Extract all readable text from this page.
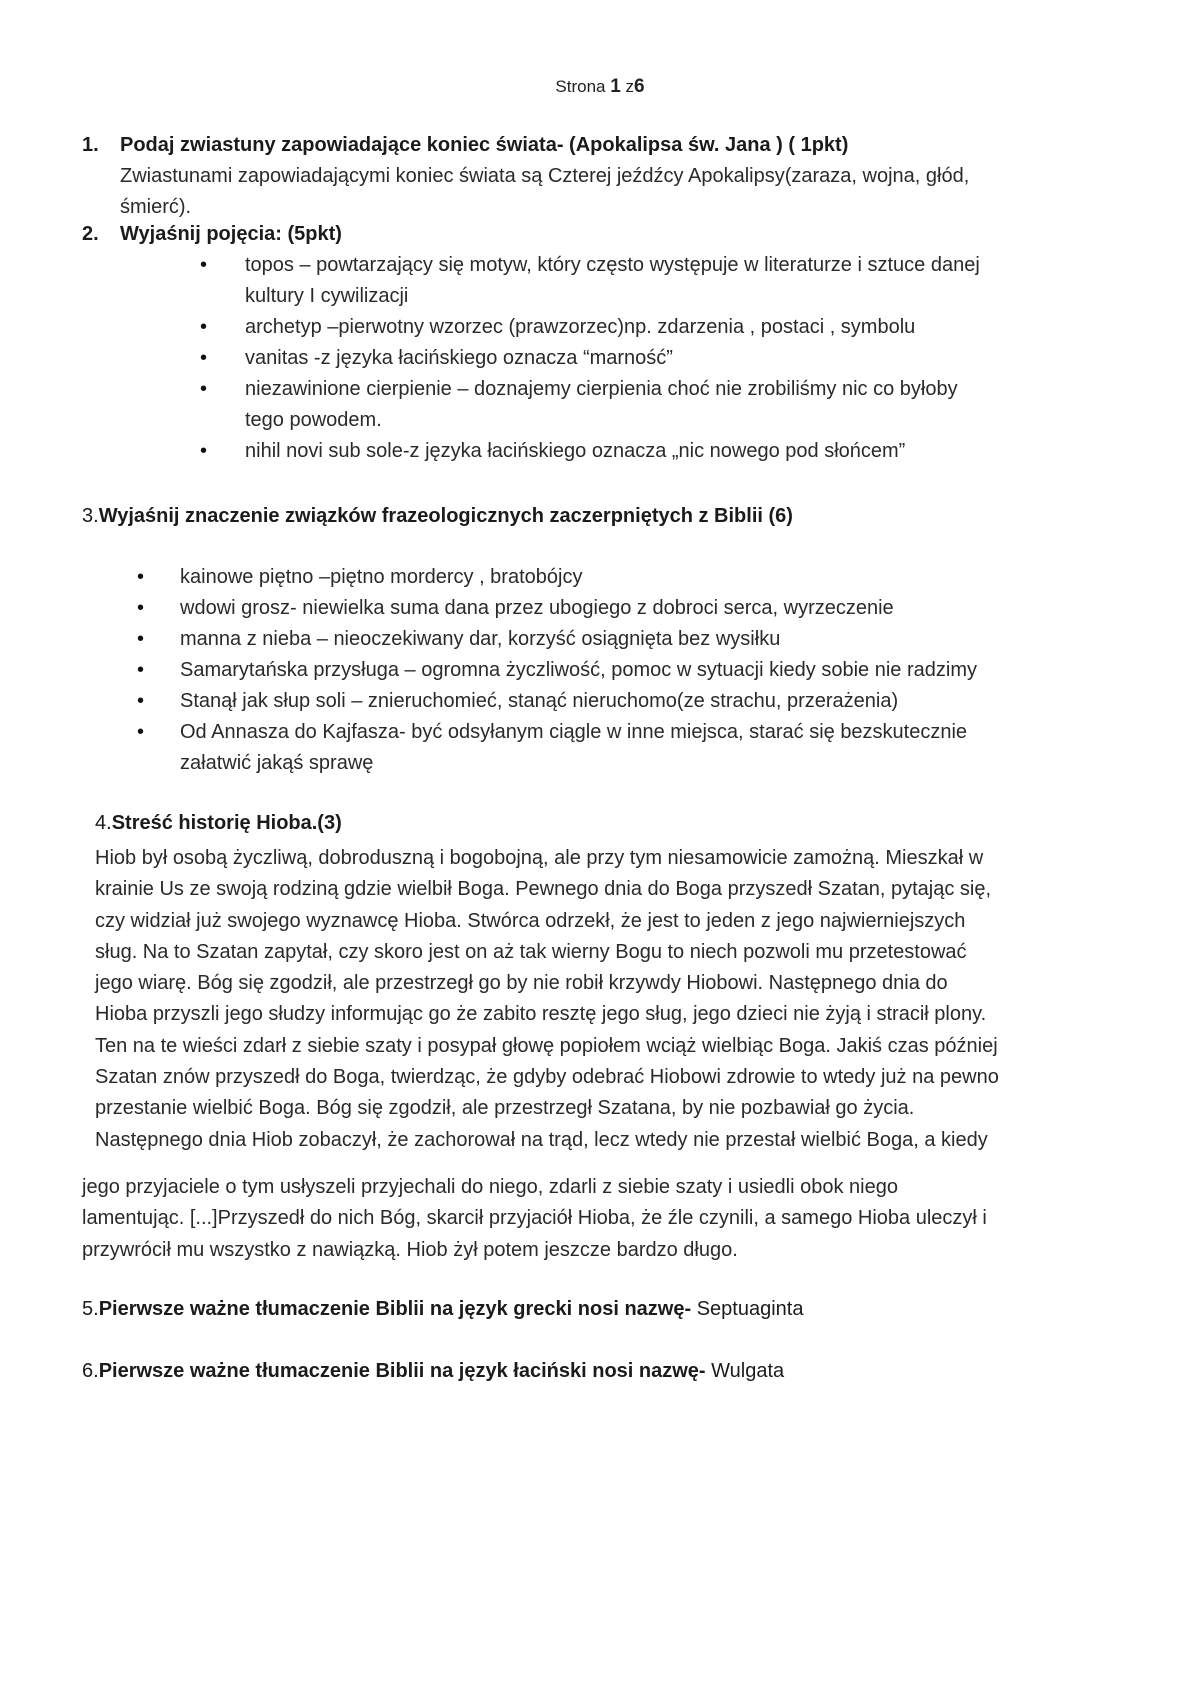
Strona 1 z6
1. Podaj zwiastuny zapowiadające koniec świata- (Apokalipsa św. Jana ) ( 1pkt)
Zwiastunami zapowiadającymi koniec świata są Czterej jeźdźcy Apokalipsy(zaraza, wojna, głód,
śmierć).
2. Wyjaśnij pojęcia: (5pkt)
• topos – powtarzający się motyw, który często występuje w literaturze i sztuce danej
kultury I cywilizacji
• archetyp –pierwotny wzorzec (prawzorzec)np. zdarzenia , postaci , symbolu
• vanitas -z języka łacińskiego oznacza “marność”
• niezawinione cierpienie – doznajemy cierpienia choć nie zrobiliśmy nic co byłoby
tego powodem.
• nihil novi sub sole-z języka łacińskiego oznacza „nic nowego pod słońcem”
3.Wyjaśnij znaczenie związków frazeologicznych zaczerpniętych z Biblii (6)
• kainowe piętno –piętno mordercy , bratobójcy
• wdowi grosz- niewielka suma dana przez ubogiego z dobroci serca, wyrzeczenie
• manna z nieba – nieoczekiwany dar, korzyść osiągnięta bez wysiłku
• Samarytańska przysługa – ogromna życzliwość, pomoc w sytuacji kiedy sobie nie radzimy
• Stanął jak słup soli – znieruchomieć, stanąć nieruchomo(ze strachu, przerażenia)
• Od Annasza do Kajfasza- być odsyłanym ciągle w inne miejsca, starać się bezskutecznie
załatwić jakąś sprawę
4.Streść historię Hioba.(3)
Hiob był osobą życzliwą, dobroduszną i bogobojną, ale przy tym niesamowicie zamożną. Mieszkał w
krainie Us ze swoją rodziną gdzie wielbił Boga. Pewnego dnia do Boga przyszedł Szatan, pytając się,
czy widział już swojego wyznawcę Hioba. Stwórca odrzekł, że jest to jeden z jego najwierniejszych
sług. Na to Szatan zapytał, czy skoro jest on aż tak wierny Bogu to niech pozwoli mu przetestować
jego wiarę. Bóg się zgodził, ale przestrzegł go by nie robił krzywdy Hiobowi. Następnego dnia do
Hioba przyszli jego słudzy informując go że zabito resztę jego sług, jego dzieci nie żyją i stracił plony.
Ten na te wieści zdarł z siebie szaty i posypał głowę popiołem wciąż wielbiąc Boga. Jakiś czas później
Szatan znów przyszedł do Boga, twierdząc, że gdyby odebrać Hiobowi zdrowie to wtedy już na pewno
przestanie wielbić Boga. Bóg się zgodził, ale przestrzegł Szatana, by nie pozbawiał go życia.
Następnego dnia Hiob zobaczył, że zachorował na trąd, lecz wtedy nie przestał wielbić Boga, a kiedy
jego przyjaciele o tym usłyszeli przyjechali do niego, zdarli z siebie szaty i usiedli obok niego
lamentując. [...]Przyszedł do nich Bóg, skarcił przyjaciół Hioba, że źle czynili, a samego Hioba uleczył i
przywrócił mu wszystko z nawiązką. Hiob żył potem jeszcze bardzo długo.
5.Pierwsze ważne tłumaczenie Biblii na język grecki nosi nazwę- Septuaginta
6.Pierwsze ważne tłumaczenie Biblii na język łaciński nosi nazwę- Wulgata
